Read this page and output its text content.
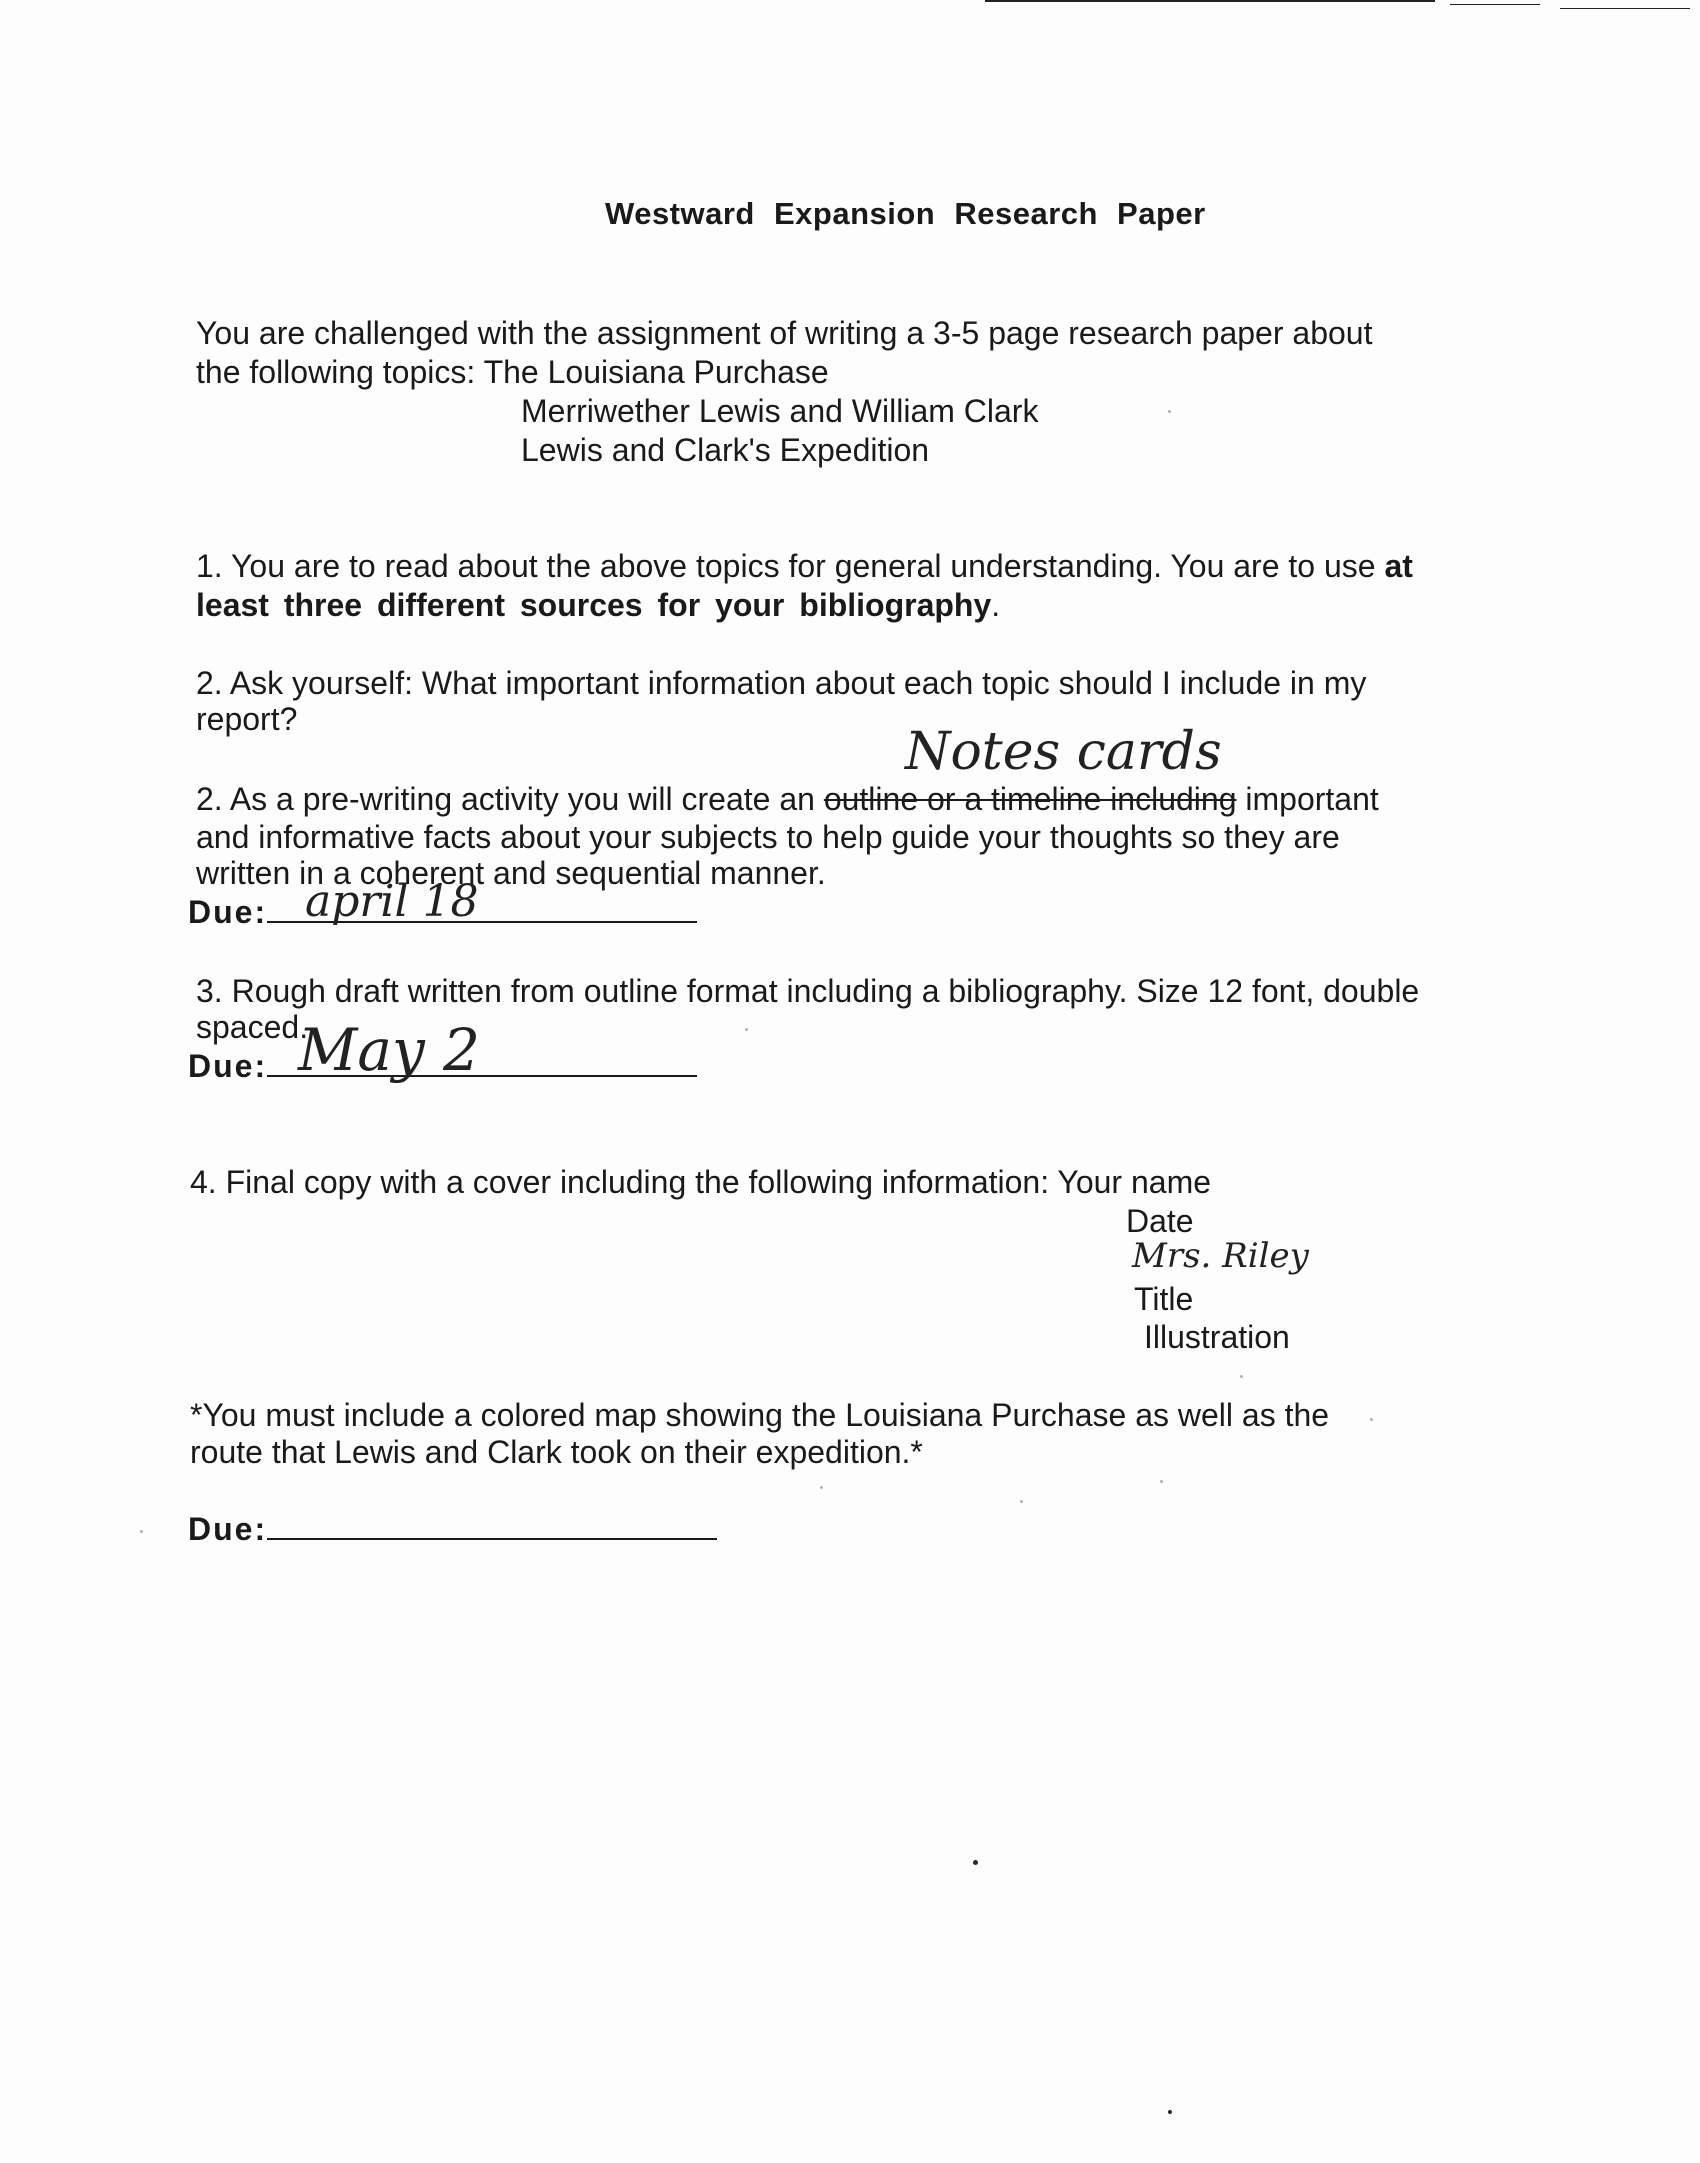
Westward Expansion Research Paper
You are challenged with the assignment of writing a 3-5 page research paper about
the following topics: The Louisiana Purchase
Merriwether Lewis and William Clark
Lewis and Clark's Expedition
1. You are to read about the above topics for general understanding. You are to use at
least three different sources for your bibliography.
2. Ask yourself: What important information about each topic should I include in my
report?
Notes cards
2. As a pre-writing activity you will create an outline or a timeline including important
and informative facts about your subjects to help guide your thoughts so they are
written in a coherent and sequential manner.
Due: april 18
3. Rough draft written from outline format including a bibliography. Size 12 font, double
spaced.
Due: May 2
4. Final copy with a cover including the following information: Your name
Date
Mrs. Riley
Title
Illustration
*You must include a colored map showing the Louisiana Purchase as well as the
route that Lewis and Clark took on their expedition.*
Due:
